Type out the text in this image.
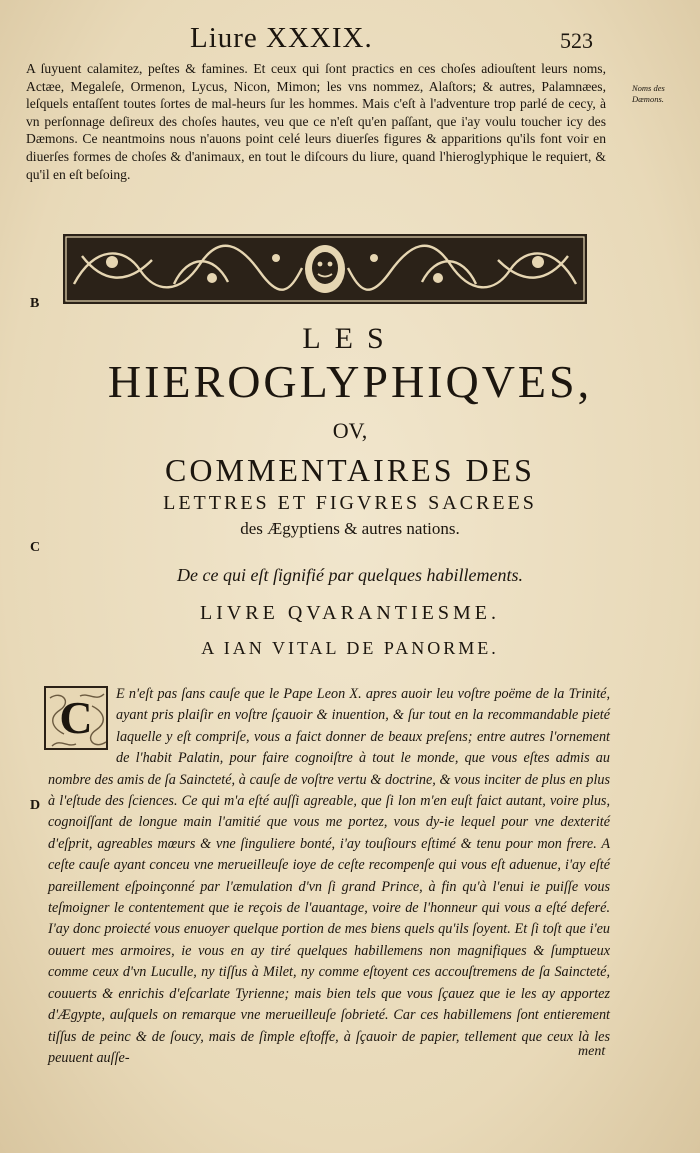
Liure XXXIX.	523

A ſuyuent calamitez, peſtes & famines. Et ceux qui ſont practics en ces choſes adiouſtent leurs noms, Actæe, Megaleſe, Ormenon, Lycus, Nicon, Mimon; les vns nommez, Alaſtors; & autres, Palamnæes, leſquels entaſſent toutes ſortes de mal-heurs ſur les hommes. Mais c'eſt à l'adventure trop parlé de cecy, à vn perſonnage deſireux des choſes hautes, veu que ce n'eſt qu'en paſſant, que i'ay voulu toucher icy des Dæmons. Ce neantmoins nous n'auons point celé leurs diuerſes figures & apparitions qu'ils font voir en diuerſes formes de choſes & d'animaux, en tout le diſcours du liure, quand l'hieroglyphique le requiert, & qu'il en eſt beſoing.

Noms des Dæmons.
B
C
D
LES
HIEROGLYPHIQVES,
OV,
COMMENTAIRES DES
LETTRES ET FIGVRES SACREES
des Ægyptiens & autres nations.
De ce qui eſt ſignifié par quelques habillements.
LIVRE QVARANTIESME.
A IAN VITAL DE PANORME.
C	E n'eſt pas ſans cauſe que le Pape Leon X. apres auoir leu voſtre poëme de la Trinité, ayant pris plaiſir en voſtre ſçauoir & inuention, & ſur tout en la recommandable pieté laquelle y eſt compriſe, vous a faict donner de beaux preſens; entre autres l'ornement de l'habit Palatin, pour faire cognoiſtre à tout le monde, que vous eſtes admis au nombre des amis de ſa Saincteté, à cauſe de voſtre vertu & doctrine, & vous inciter de plus en plus à l'eſtude des ſciences. Ce qui m'a eſté auſſi agreable, que ſi lon m'en euſt faict autant, voire plus, cognoiſſant de longue main l'amitié que vous me portez, vous dy-ie lequel pour vne dexterité d'eſprit, agreables mœurs & vne ſinguliere bonté, i'ay touſiours eſtimé & tenu pour mon frere. A ceſte cauſe ayant conceu vne merueilleuſe ioye de ceſte recompenſe qui vous eſt aduenue, i'ay eſté pareillement eſpoinçonné par l'æmulation d'vn ſi grand Prince, à fin qu'à l'enui ie puiſſe vous teſmoigner le contentement que ie reçois de l'auantage, voire de l'honneur qui vous a eſté deferé. I'ay donc proiecté vous enuoyer quelque portion de mes biens quels qu'ils ſoyent. Et ſi toſt que i'eu ouuert mes armoires, ie vous en ay tiré quelques habillemens non magnifiques & ſumptueux comme ceux d'vn Luculle, ny tiſſus à Milet, ny comme eſtoyent ces accouſtremens de ſa Saincteté, couuerts & enrichis d'eſcarlate Tyrienne; mais bien tels que vous ſçauez que ie les ay apportez d'Ægypte, auſquels on remarque vne merueilleuſe ſobrieté. Car ces habillemens ſont entierement tiſſus de peinc & de ſoucy, mais de ſimple eſtoffe, à ſçauoir de papier, tellement que ceux là les peuuent auſſe-	ment
